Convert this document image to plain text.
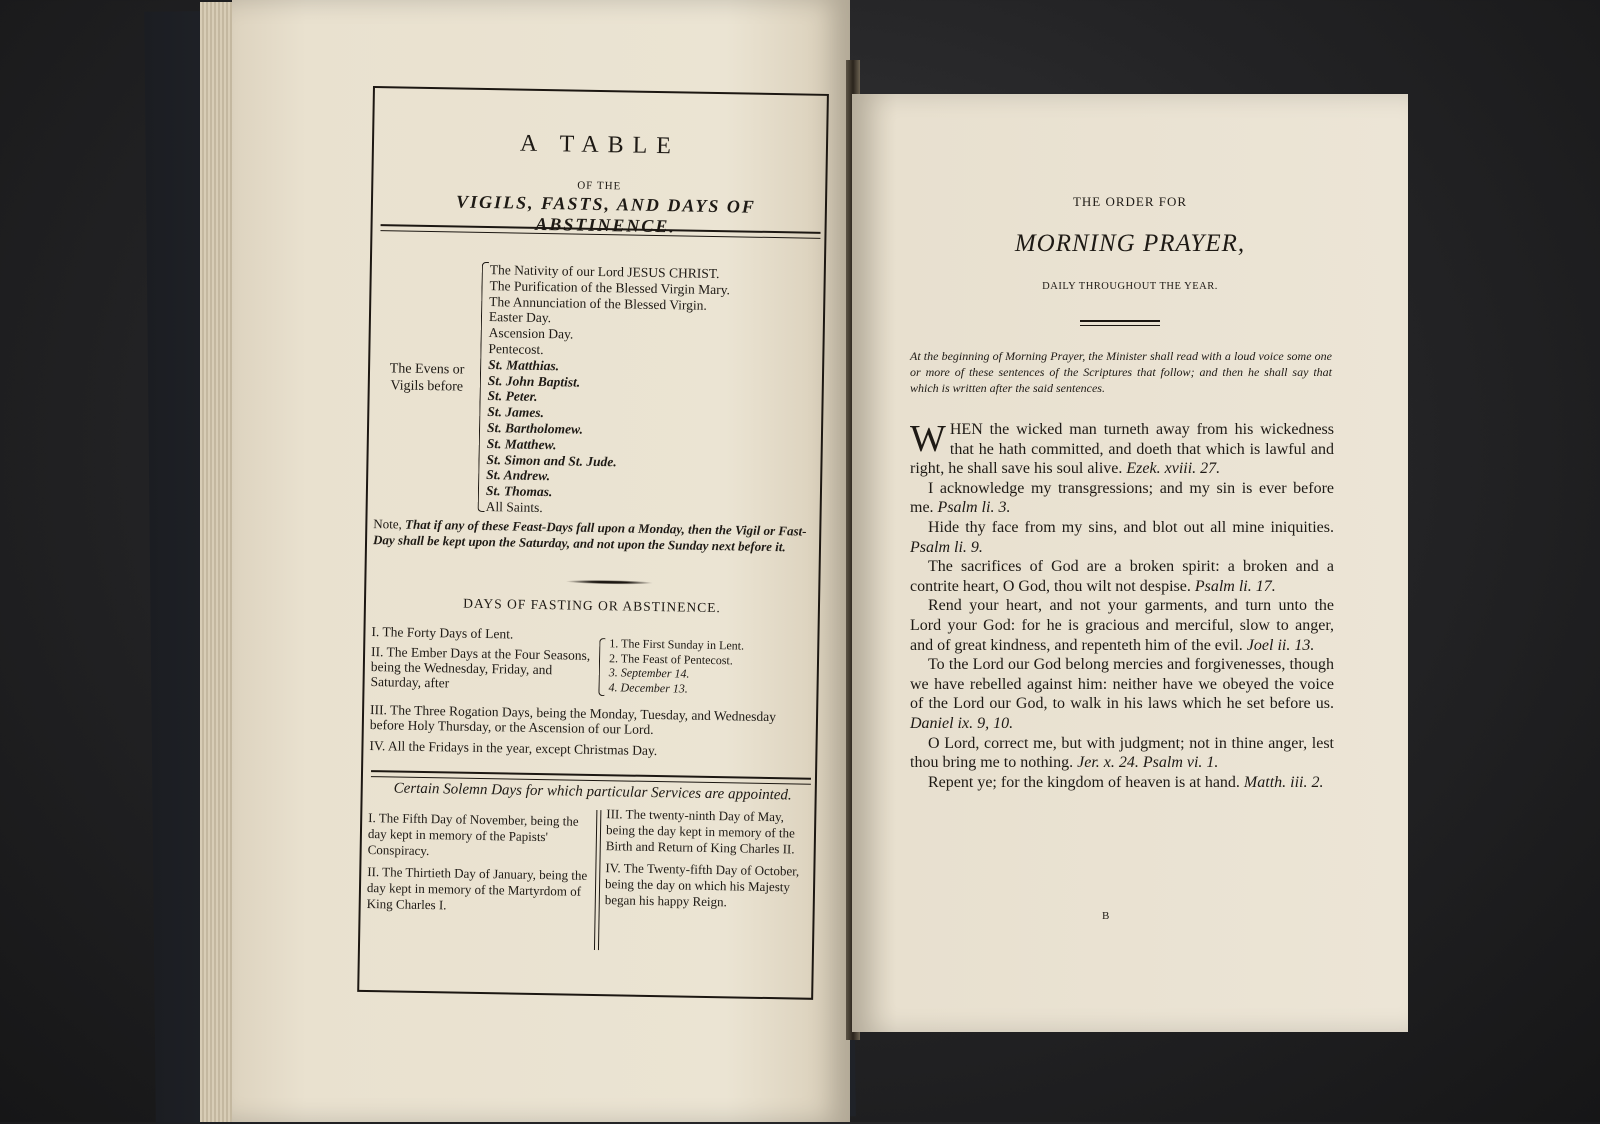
A TABLE
OF THE
VIGILS, FASTS, AND DAYS OF ABSTINENCE.
The Evens or Vigils before
The Nativity of our Lord JESUS CHRIST.
The Purification of the Blessed Virgin Mary.
The Annunciation of the Blessed Virgin.
Easter Day.
Ascension Day.
Pentecost.
St. Matthias.
St. John Baptist.
St. Peter.
St. James.
St. Bartholomew.
St. Matthew.
St. Simon and St. Jude.
St. Andrew.
St. Thomas.
All Saints.
Note, That if any of these Feast-Days fall upon a Monday, then the Vigil or Fast-Day shall be kept upon the Saturday, and not upon the Sunday next before it.
DAYS OF FASTING OR ABSTINENCE.
I. The Forty Days of Lent.
II. The Ember Days at the Four Seasons, being the Wednesday, Friday, and Saturday, after
1. The First Sunday in Lent.
2. The Feast of Pentecost.
3. September 14.
4. December 13.
III. The Three Rogation Days, being the Monday, Tuesday, and Wednesday before Holy Thursday, or the Ascension of our Lord.
IV. All the Fridays in the year, except Christmas Day.
Certain Solemn Days for which particular Services are appointed.
I. The Fifth Day of November, being the day kept in memory of the Papists' Conspiracy.
II. The Thirtieth Day of January, being the day kept in memory of the Martyrdom of King Charles I.
III. The twenty-ninth Day of May, being the day kept in memory of the Birth and Return of King Charles II.
IV. The Twenty-fifth Day of October, being the day on which his Majesty began his happy Reign.
THE ORDER FOR
MORNING PRAYER,
DAILY THROUGHOUT THE YEAR.

At the beginning of Morning Prayer, the Minister shall read with a loud voice some one or more of these sentences of the Scriptures that follow; and then he shall say that which is written after the said sentences.

WHEN the wicked man turneth away from his wickedness that he hath committed, and doeth that which is lawful and right, he shall save his soul alive. Ezek. xviii. 27.

I acknowledge my transgressions; and my sin is ever before me. Psalm li. 3.

Hide thy face from my sins, and blot out all mine iniquities. Psalm li. 9.

The sacrifices of God are a broken spirit: a broken and a contrite heart, O God, thou wilt not despise. Psalm li. 17.

Rend your heart, and not your garments, and turn unto the Lord your God: for he is gracious and merciful, slow to anger, and of great kindness, and repenteth him of the evil. Joel ii. 13.

To the Lord our God belong mercies and forgivenesses, though we have rebelled against him: neither have we obeyed the voice of the Lord our God, to walk in his laws which he set before us. Daniel ix. 9, 10.

O Lord, correct me, but with judgment; not in thine anger, lest thou bring me to nothing. Jer. x. 24. Psalm vi. 1.

Repent ye; for the kingdom of heaven is at hand. Matth. iii. 2.

B
